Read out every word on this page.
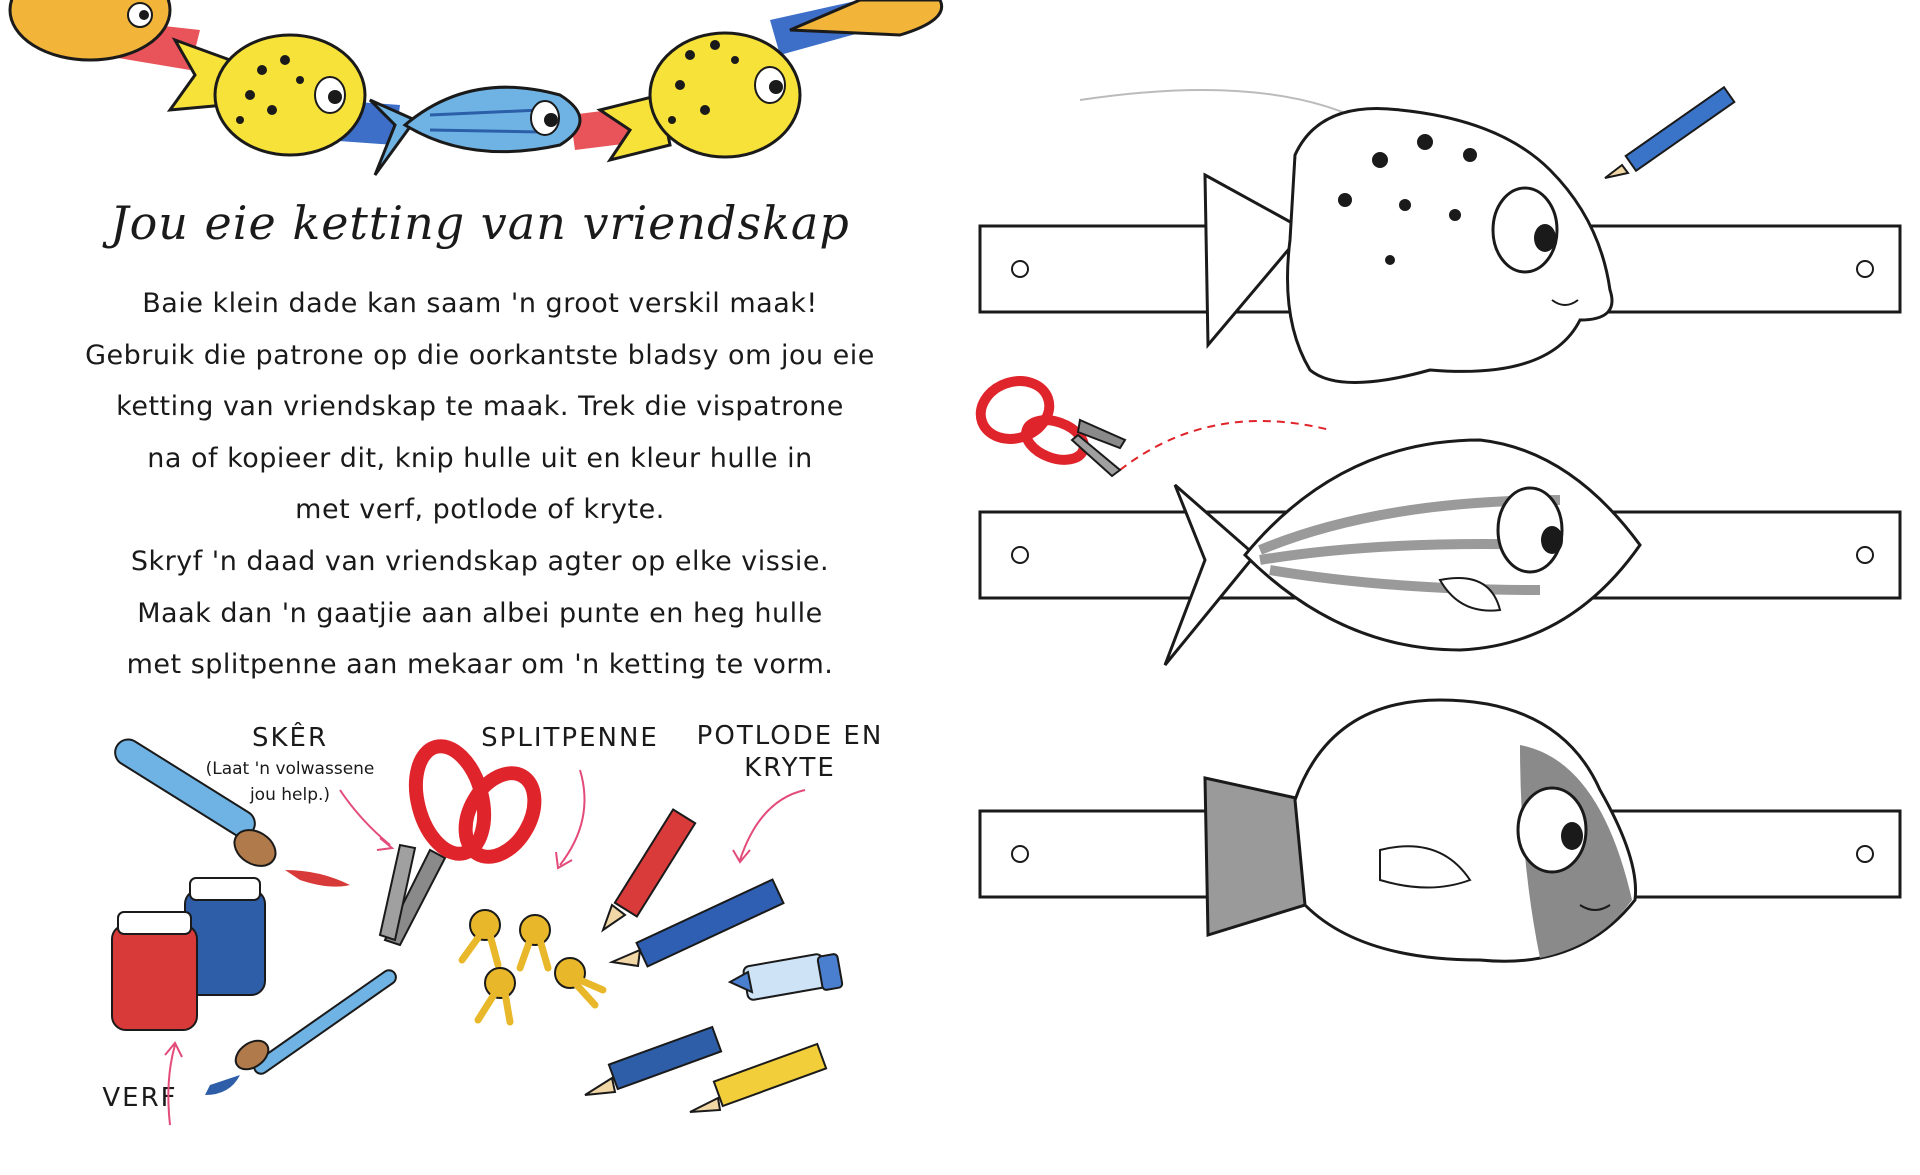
Jou eie ketting van vriendskap
Baie klein dade kan saam 'n groot verskil maak!
Gebruik die patrone op die oorkantste bladsy om jou eie
ketting van vriendskap te maak. Trek die vispatrone
na of kopieer dit, knip hulle uit en kleur hulle in
met verf, potlode of kryte.
Skryf 'n daad van vriendskap agter op elke vissie.
Maak dan 'n gaatjie aan albei punte en heg hulle
met splitpenne aan mekaar om 'n ketting te vorm.
SKÊR
(Laat 'n volwassene
jou help.)
SPLITPENNE	POTLODE EN
KRYTE
VERF
